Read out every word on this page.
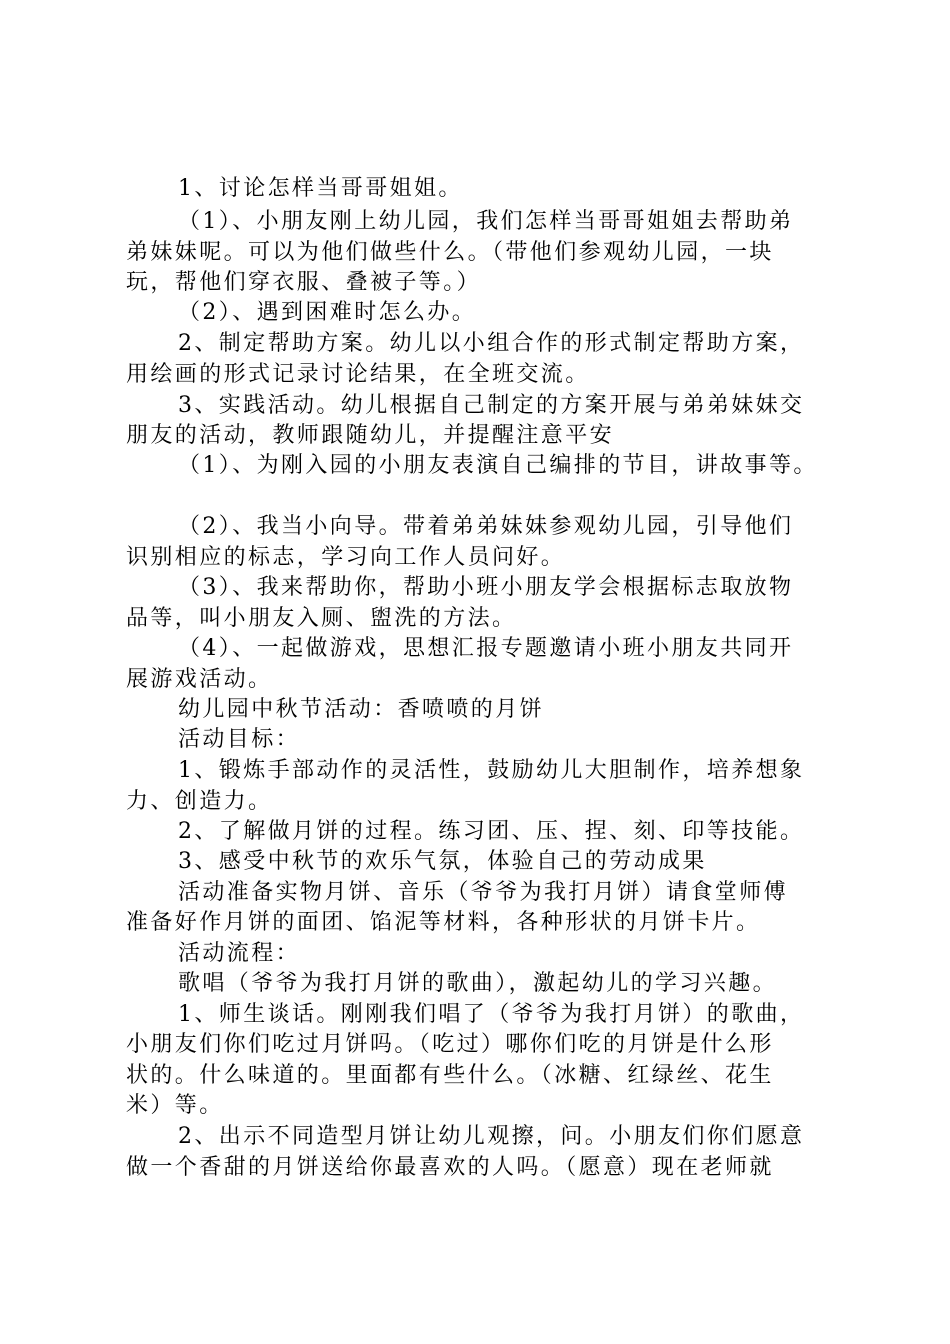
1、讨论怎样当哥哥姐姐。
（1）、小朋友刚上幼儿园，我们怎样当哥哥姐姐去帮助弟
弟妹妹呢。可以为他们做些什么。（带他们参观幼儿园，一块
玩，帮他们穿衣服、叠被子等。）
（2）、遇到困难时怎么办。
2、制定帮助方案。幼儿以小组合作的形式制定帮助方案，
用绘画的形式记录讨论结果，在全班交流。
3、实践活动。幼儿根据自己制定的方案开展与弟弟妹妹交
朋友的活动，教师跟随幼儿，并提醒注意平安
（1）、为刚入园的小朋友表演自己编排的节目，讲故事等。
（2）、我当小向导。带着弟弟妹妹参观幼儿园，引导他们
识别相应的标志，学习向工作人员问好。
（3）、我来帮助你，帮助小班小朋友学会根据标志取放物
品等，叫小朋友入厕、盥洗的方法。
（4）、一起做游戏，思想汇报专题邀请小班小朋友共同开
展游戏活动。
幼儿园中秋节活动：香喷喷的月饼
活动目标：
1、锻炼手部动作的灵活性，鼓励幼儿大胆制作，培养想象
力、创造力。
2、了解做月饼的过程。练习团、压、捏、刻、印等技能。
3、感受中秋节的欢乐气氛，体验自己的劳动成果
活动准备实物月饼、音乐（爷爷为我打月饼）请食堂师傅
准备好作月饼的面团、馅泥等材料，各种形状的月饼卡片。
活动流程：
歌唱（爷爷为我打月饼的歌曲），激起幼儿的学习兴趣。
1、师生谈话。刚刚我们唱了（爷爷为我打月饼）的歌曲，
小朋友们你们吃过月饼吗。（吃过）哪你们吃的月饼是什么形
状的。什么味道的。里面都有些什么。（冰糖、红绿丝、花生
米）等。
2、出示不同造型月饼让幼儿观擦，问。小朋友们你们愿意
做一个香甜的月饼送给你最喜欢的人吗。（愿意）现在老师就
